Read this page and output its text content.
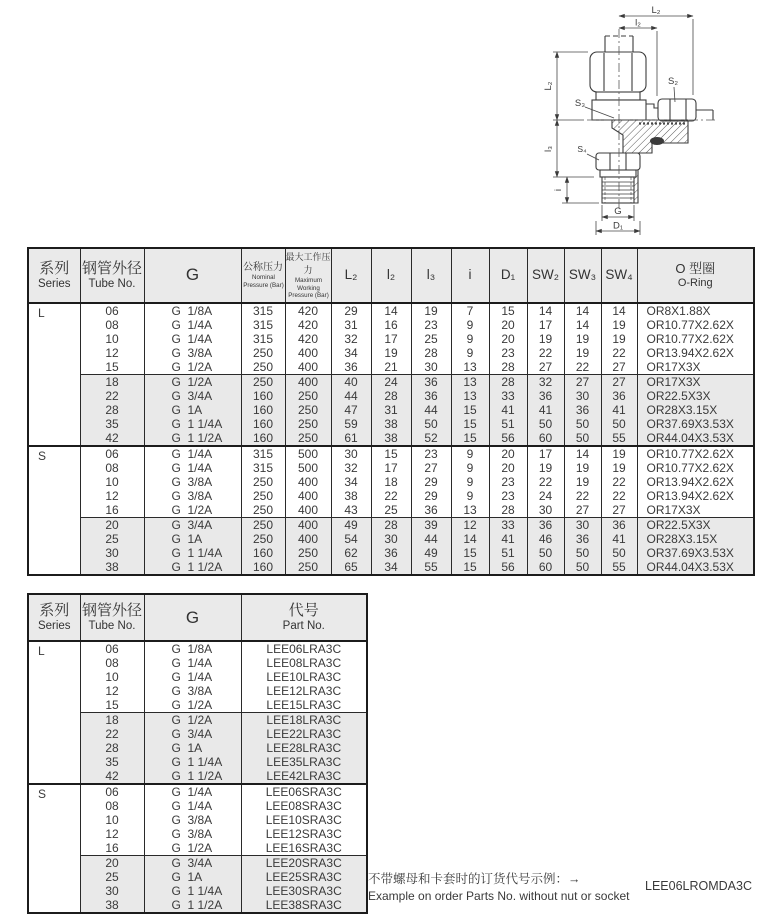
L₂
l₂
L₂
l₃
i
S₃
S₂
S₄
G
D₁
系列
Series	钢管外径
Tube No.	G	公称压力
Nominal
Pressure (Bar)	最大工作压力
Maximum Working
Pressure (Bar)	L₂	l₂	l₃	i	D₁	SW₂	SW₃	SW₄	O 型圈
O-Ring

L	06	G  1/8A	315	420	29	14	19	7	15	14	14	14	OR8X1.88X
	08	G  1/4A	315	420	31	16	23	9	20	17	14	19	OR10.77X2.62X
	10	G  1/4A	315	420	32	17	25	9	20	19	19	19	OR10.77X2.62X
	12	G  3/8A	250	400	34	19	28	9	23	22	19	22	OR13.94X2.62X
	15	G  1/2A	250	400	36	21	30	13	28	27	22	27	OR17X3X
	18	G  1/2A	250	400	40	24	36	13	28	32	27	27	OR17X3X
	22	G  3/4A	160	250	44	28	36	13	33	36	30	36	OR22.5X3X
	28	G  1A	160	250	47	31	44	15	41	41	36	41	OR28X3.15X
	35	G  1 1/4A	160	250	59	38	50	15	51	50	50	50	OR37.69X3.53X
	42	G  1 1/2A	160	250	61	38	52	15	56	60	50	55	OR44.04X3.53X
S	06	G  1/4A	315	500	30	15	23	9	20	17	14	19	OR10.77X2.62X
	08	G  1/4A	315	500	32	17	27	9	20	19	19	19	OR10.77X2.62X
	10	G  3/8A	250	400	34	18	29	9	23	22	19	22	OR13.94X2.62X
	12	G  3/8A	250	400	38	22	29	9	23	24	22	22	OR13.94X2.62X
	16	G  1/2A	250	400	43	25	36	13	28	30	27	27	OR17X3X
	20	G  3/4A	250	400	49	28	39	12	33	36	30	36	OR22.5X3X
	25	G  1A	250	400	54	30	44	14	41	46	36	41	OR28X3.15X
	30	G  1 1/4A	160	250	62	36	49	15	51	50	50	50	OR37.69X3.53X
	38	G  1 1/2A	160	250	65	34	55	15	56	60	50	55	OR44.04X3.53X
系列
Series	钢管外径
Tube No.	G	代号
Part No.

L	06	G  1/8A	LEE06LRA3C
	08	G  1/4A	LEE08LRA3C
	10	G  1/4A	LEE10LRA3C
	12	G  3/8A	LEE12LRA3C
	15	G  1/2A	LEE15LRA3C
	18	G  1/2A	LEE18LRA3C
	22	G  3/4A	LEE22LRA3C
	28	G  1A	LEE28LRA3C
	35	G  1 1/4A	LEE35LRA3C
	42	G  1 1/2A	LEE42LRA3C
S	06	G  1/4A	LEE06SRA3C
	08	G  1/4A	LEE08SRA3C
	10	G  3/8A	LEE10SRA3C
	12	G  3/8A	LEE12SRA3C
	16	G  1/2A	LEE16SRA3C
	20	G  3/4A	LEE20SRA3C
	25	G  1A	LEE25SRA3C
	30	G  1 1/4A	LEE30SRA3C
	38	G  1 1/2A	LEE38SRA3C
不带螺母和卡套时的订货代号示例：→
Example on order Parts No. without nut or socket
LEE06LROMDA3C
